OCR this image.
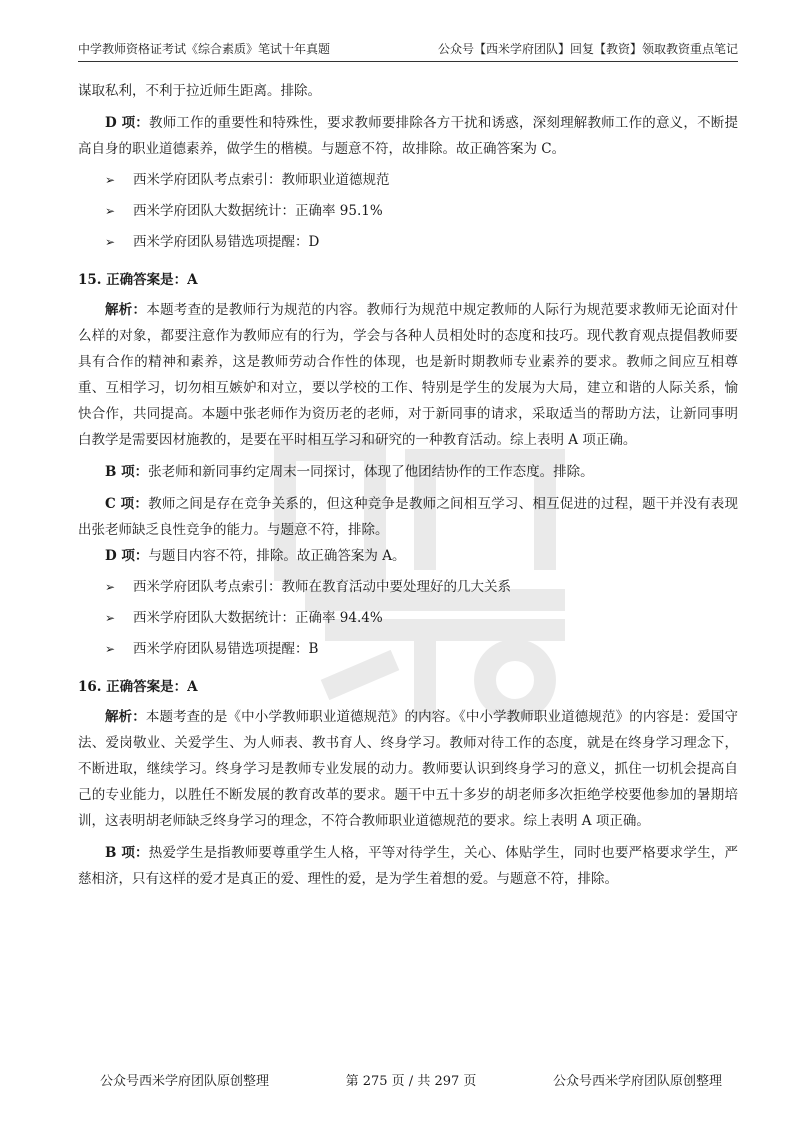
中学教师资格证考试《综合素质》笔试十年真题	公众号【西米学府团队】回复【教资】领取教资重点笔记

谋取私利，不利于拉近师生距离。排除。

D 项：教师工作的重要性和特殊性，要求教师要排除各方干扰和诱惑，深刻理解教师工作的意义，不断提高自身的职业道德素养，做学生的楷模。与题意不符，故排除。故正确答案为 C。

➢	西米学府团队考点索引：教师职业道德规范
➢	西米学府团队大数据统计：正确率 95.1%
➢	西米学府团队易错选项提醒：D
15. 正确答案是：A

解析：本题考查的是教师行为规范的内容。教师行为规范中规定教师的人际行为规范要求教师无论面对什么样的对象，都要注意作为教师应有的行为，学会与各种人员相处时的态度和技巧。现代教育观点提倡教师要具有合作的精神和素养，这是教师劳动合作性的体现，也是新时期教师专业素养的要求。教师之间应互相尊重、互相学习，切勿相互嫉妒和对立，要以学校的工作、特别是学生的发展为大局，建立和谐的人际关系，愉快合作，共同提高。本题中张老师作为资历老的老师，对于新同事的请求，采取适当的帮助方法，让新同事明白教学是需要因材施教的，是要在平时相互学习和研究的一种教育活动。综上表明 A 项正确。

B 项：张老师和新同事约定周末一同探讨，体现了他团结协作的工作态度。排除。

C 项：教师之间是存在竞争关系的，但这种竞争是教师之间相互学习、相互促进的过程，题干并没有表现出张老师缺乏良性竞争的能力。与题意不符，排除。

D 项：与题目内容不符，排除。故正确答案为 A。

➢	西米学府团队考点索引：教师在教育活动中要处理好的几大关系
➢	西米学府团队大数据统计：正确率 94.4%
➢	西米学府团队易错选项提醒：B
16. 正确答案是：A

解析：本题考查的是《中小学教师职业道德规范》的内容。《中小学教师职业道德规范》的内容是：爱国守法、爱岗敬业、关爱学生、为人师表、教书育人、终身学习。教师对待工作的态度，就是在终身学习理念下，不断进取，继续学习。终身学习是教师专业发展的动力。教师要认识到终身学习的意义，抓住一切机会提高自己的专业能力，以胜任不断发展的教育改革的要求。题干中五十多岁的胡老师多次拒绝学校要他参加的暑期培训，这表明胡老师缺乏终身学习的理念，不符合教师职业道德规范的要求。综上表明 A 项正确。

B 项：热爱学生是指教师要尊重学生人格，平等对待学生，关心、体贴学生，同时也要严格要求学生，严慈相济，只有这样的爱才是真正的爱、理性的爱，是为学生着想的爱。与题意不符，排除。

公众号西米学府团队原创整理	第 275 页 / 共 297 页	公众号西米学府团队原创整理
